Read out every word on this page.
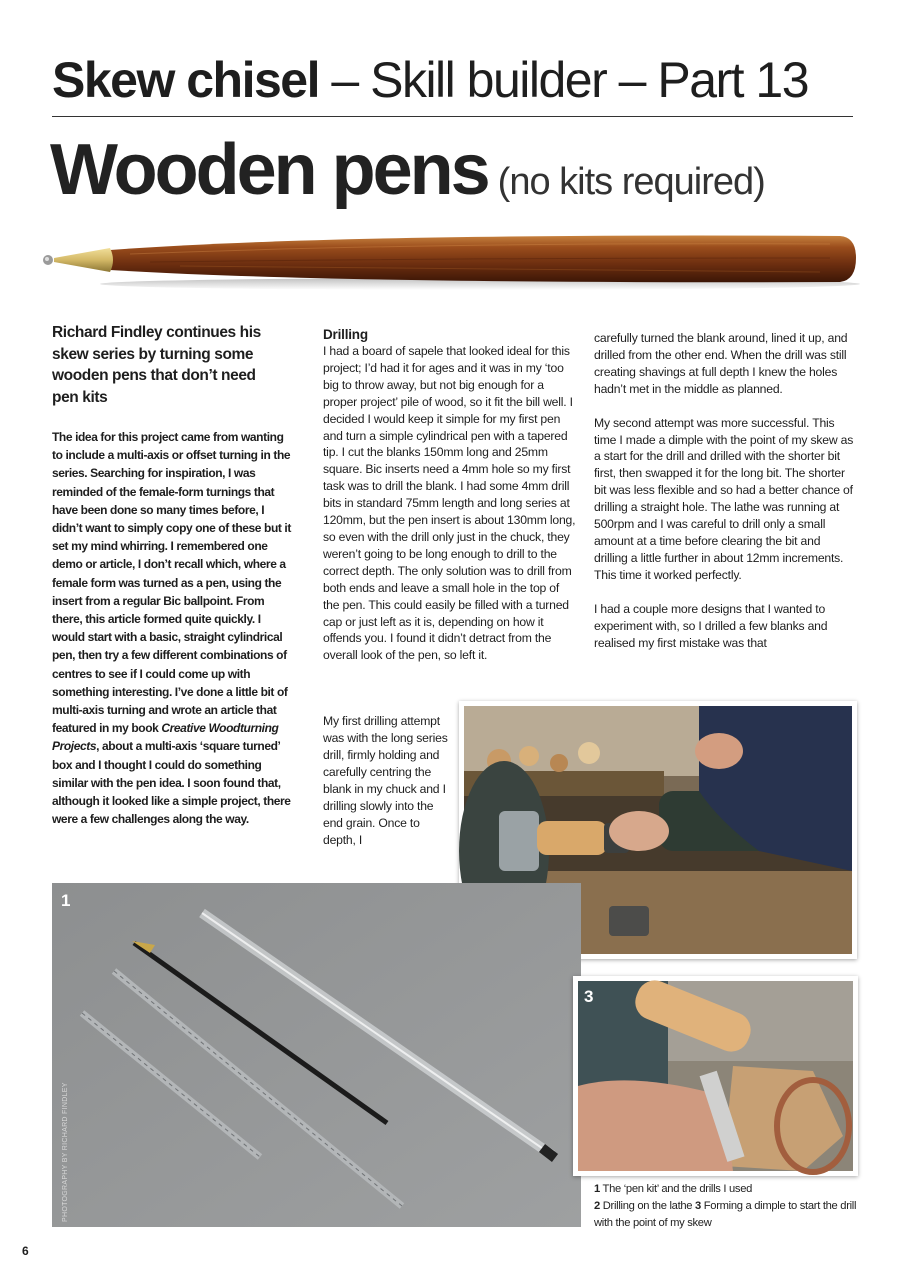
Skew chisel – Skill builder – Part 13
Wooden pens (no kits required)
Richard Findley continues his skew series by turning some wooden pens that don’t need pen kits
The idea for this project came from wanting to include a multi-axis or offset turning in the series. Searching for inspiration, I was reminded of the female-form turnings that have been done so many times before, I didn’t want to simply copy one of these but it set my mind whirring. I remembered one demo or article, I don’t recall which, where a female form was turned as a pen, using the insert from a regular Bic ballpoint. From there, this article formed quite quickly. I would start with a basic, straight cylindrical pen, then try a few different combinations of centres to see if I could come up with something interesting. I’ve done a little bit of multi-axis turning and wrote an article that featured in my book Creative Woodturning Projects, about a multi-axis ‘square turned’ box and I thought I could do something similar with the pen idea. I soon found that, although it looked like a simple project, there were a few challenges along the way.
Drilling

I had a board of sapele that looked ideal for this project; I’d had it for ages and it was in my ‘too big to throw away, but not big enough for a proper project’ pile of wood, so it fit the bill well. I decided I would keep it simple for my first pen and turn a simple cylindrical pen with a tapered tip. I cut the blanks 150mm long and 25mm square. Bic inserts need a 4mm hole so my first task was to drill the blank. I had some 4mm drill bits in standard 75mm length and long series at 120mm, but the pen insert is about 130mm long, so even with the drill only just in the chuck, they weren’t going to be long enough to drill to the correct depth. The only solution was to drill from both ends and leave a small hole in the top of the pen. This could easily be filled with a turned cap or just left as it is, depending on how it offends you. I found it didn’t detract from the overall look of the pen, so left it.

My first drilling attempt was with the long series drill, firmly holding and carefully centring the blank in my chuck and I drilling slowly into the end grain. Once to depth, I

carefully turned the blank around, lined it up, and drilled from the other end. When the drill was still creating shavings at full depth I knew the holes hadn’t met in the middle as planned.

My second attempt was more successful. This time I made a dimple with the point of my skew as a start for the drill and drilled with the shorter bit first, then swapped it for the long bit. The shorter bit was less flexible and so had a better chance of drilling a straight hole. The lathe was running at 500rpm and I was careful to drill only a small amount at a time before clearing the bit and drilling a little further in about 12mm increments. This time it worked perfectly.

I had a couple more designs that I wanted to experiment with, so I drilled a few blanks and realised my first mistake was that

1
PHOTOGRAPHY BY RICHARD FINDLEY
3
1 The ‘pen kit’ and the drills I used
2 Drilling on the lathe 3 Forming a dimple to start the drill with the point of my skew
6
